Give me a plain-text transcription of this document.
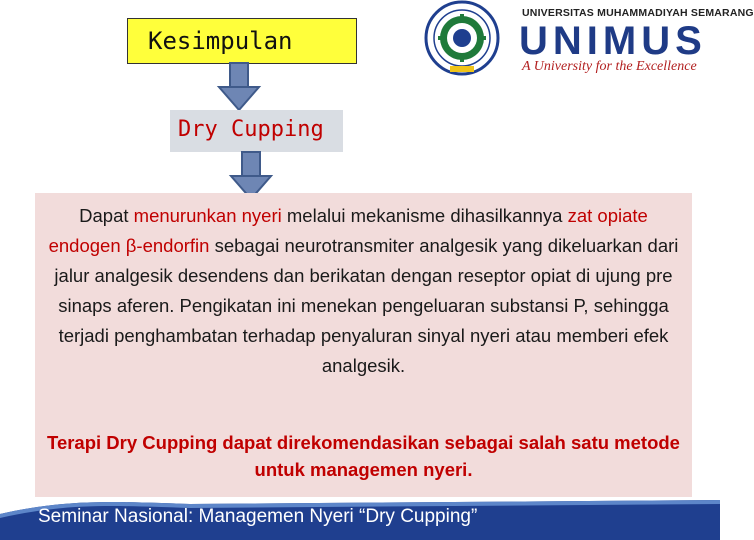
Kesimpulan
Dry Cupping
UNIVERSITAS MUHAMMADIYAH SEMARANG
UNIMUS
A University for the Excellence
Dapat menurunkan nyeri melalui mekanisme dihasilkannya zat opiate endogen β-endorfin sebagai neurotransmiter analgesik yang dikeluarkan dari jalur analgesik desendens dan berikatan dengan reseptor opiat di ujung pre sinaps aferen. Pengikatan ini menekan pengeluaran substansi P, sehingga terjadi penghambatan terhadap penyaluran sinyal nyeri atau memberi efek analgesik.
Terapi Dry Cupping dapat direkomendasikan sebagai salah satu metode untuk managemen nyeri.
Seminar Nasional: Managemen Nyeri “Dry Cupping”
